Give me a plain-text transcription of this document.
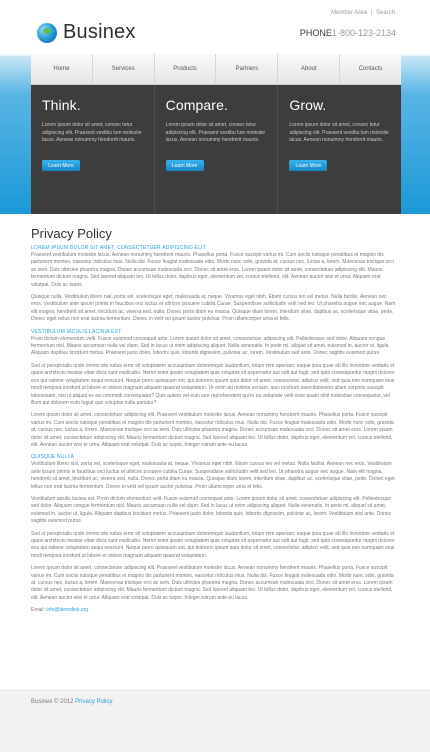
Businex
Member Area | Search
PHONE1-800-123-2134
Home	Services	Products	Partners	About	Contacts
Think.
Lorem ipsum dolor sit amet, consec tetur adipiscing elit. Praesent vestibu lum molestie lacus. Aenean nonummy hendrerit mauris.
Learn More
Compare.
Lorem ipsum dolor sit amet, consec tetur adipiscing elit. Praesent vestibu lum molestie lacus. Aenean nonummy hendrerit mauris.
Learn More
Grow.
Lorem ipsum dolor sit amet, consec tetur adipiscing elit. Praesent vestibu lum molestie lacus. Aenean nonummy hendrerit mauris.
Learn More
Privacy Policy
LOREM IPSUM DOLOR SIT AMET, CONSECTETUER ADIPISCING ELIT

Praesent vestibulum molestie lacus. Aenean nonummy hendrerit mauris. Phasellus porta. Fusce suscipit varius mi. Cum sociis natoque penatibus et magnis dis parturient montes, nascetur ridiculus mus. Nulla dui. Fusce feugiat malesuada odio. Morbi nunc odio, gravida at, cursus nec, luctus a, lorem. Maecenas tristique orci ac sem. Duis ultricies pharetra magna. Donec accumsan malesuada orci. Donec sit amet eros. Lorem ipsum dolor sit amet, consectetuer adipiscing elit. Mauris fermentum dictum magna. Sed laoreet aliquam leo. Ut tellus dolor, dapibus eget, elementum vel, cursus eleifend, elit. Aenean auctor wisi et urna. Aliquam erat volutpat. Duis ac turpis.

Quisque nulla. Vestibulum libero nisl, porta vel, scelerisque eget, malesuada at, neque. Vivamus eget nibh. Etiam cursus leo vel metus. Nulla facilisi. Aenean nec eros. Vestibulum ante ipsum primis in faucibus orci luctus et ultrices posuere cubilia Curae; Suspendisse sollicitudin velit sed leo. Ut pharetra augue nec augue. Nam elit magna, hendrerit sit amet, tincidunt ac, viverra sed, nulla. Donec porta diam eu massa. Quisque diam lorem, interdum vitae, dapibus ac, scelerisque vitae, pede. Donec eget tellus non erat lacinia fermentum. Donec in velit vel ipsum auctor pulvinar. Proin ullamcorper urna et felis.

VESTIBULUM IACULIS LACINIA EST

Proin dictum elementum velit. Fusce euismod consequat ante. Lorem ipsum dolor sit amet, consectetuer adipiscing elit. Pellentesque sed dolor. Aliquam congue fermentum nisl. Mauris accumsan nulla vel diam. Sed in lacus ut enim adipiscing aliquet. Nulla venenatis. In pede mi, aliquet sit amet, euismod in, auctor ut, ligula. Aliquam dapibus tincidunt metus. Praesent justo dolor, lobortis quis, lobortis dignissim, pulvinar ac, lorem. Vestibulum sed ante. Donec sagittis euismod purus.

Sed ut perspiciatis unde omnis iste natus error sit voluptatem accusantium doloremque laudantium, totam rem aperiam, eaque ipsa quae ab illo inventore veritatis et quasi architecto beatae vitae dicta sunt explicabo. Nemo enim ipsam voluptatem quia voluptas sit aspernatur aut odit aut fugit, sed quia consequuntur magni dolores eos qui ratione voluptatem sequi nesciunt. Neque porro quisquam est, qui dolorem ipsum quia dolor sit amet, consectetur, adipisci velit, sed quia non numquam eius modi tempora incidunt ut labore et dolore magnam aliquam quaerat voluptatem. Ut enim ad minima veniam, quis nostrum exercitationem ullam corporis suscipit laboriosam, nisi ut aliquid ex ea commodi consequatur? Quis autem vel eum iure reprehenderit qui in ea voluptate velit esse quam nihil molestiae consequatur, vel illum qui dolorem eum fugiat quo voluptas nulla pariatur?

Lorem ipsum dolor sit amet, consectetuer adipiscing elit. Praesent vestibulum molestie lacus. Aenean nonummy hendrerit mauris. Phasellus porta. Fusce suscipit varius mi. Cum sociis natoque penatibus et magnis dis parturient montes, nascetur ridiculus mus. Nulla dui. Fusce feugiat malesuada odio. Morbi nunc odio, gravida at, cursus nec, luctus a, lorem. Maecenas tristique orci ac sem. Duis ultricies pharetra magna. Donec accumsan malesuada orci. Donec sit amet eros. Lorem ipsum dolor sit amet, consectetuer adipiscing elit. Mauris fermentum dictum magna. Sed laoreet aliquam leo. Ut tellus dolor, dapibus eget, elementum vel, cursus eleifend, elit. Aenean auctor wisi et urna. Aliquam erat volutpat. Duis ac turpis. Integer rutrum ante eu lacus.

QUISQUE NULLA

Vestibulum libero nisl, porta vel, scelerisque eget, malesuada at, neque. Vivamus eget nibh. Etiam cursus leo vel metus. Nulla facilisi. Aenean nec eros. Vestibulum ante ipsum primis in faucibus orci luctus et ultrices posuere cubilia Curae; Suspendisse sollicitudin velit sed leo. Ut pharetra augue nec augue. Nam elit magna, hendrerit sit amet, tincidunt ac, viverra sed, nulla. Donec porta diam eu massa. Quisque diam lorem, interdum vitae, dapibus ac, scelerisque vitae, pede. Donec eget tellus non erat lacinia fermentum. Donec in velit vel ipsum auctor pulvinar. Proin ullamcorper urna et felis.

Vestibulum iaculis lacinia est. Proin dictum elementum velit. Fusce euismod consequat ante. Lorem ipsum dolor sit amet, consectetuer adipiscing elit. Pellentesque sed dolor. Aliquam congue fermentum nisl. Mauris accumsan nulla vel diam. Sed in lacus ut enim adipiscing aliquet. Nulla venenatis. In pede mi, aliquet sit amet, euismod in, auctor ut, ligula. Aliquam dapibus tincidunt metus. Praesent justo dolor, lobortis quis, lobortis dignissim, pulvinar ac, lorem. Vestibulum sed ante. Donec sagittis euismod purus.

Sed ut perspiciatis unde omnis iste natus error sit voluptatem accusantium doloremque laudantium, totam rem aperiam, eaque ipsa quae ab illo inventore veritatis et quasi architecto beatae vitae dicta sunt explicabo. Nemo enim ipsam voluptatem quia voluptas sit aspernatur aut odit aut fugit, sed quia consequuntur magni dolores eos qui ratione voluptatem sequi nesciunt. Neque porro quisquam est, qui dolorem ipsum quia dolor sit amet, consectetur, adipisci velit, sed quia non numquam eius modi tempora incidunt ut labore et dolore magnam aliquam quaerat voluptatem.

Lorem ipsum dolor sit amet, consectetuer adipiscing elit. Praesent vestibulum molestie lacus. Aenean nonummy hendrerit mauris. Phasellus porta. Fusce suscipit varius mi. Cum sociis natoque penatibus et magnis dis parturient montes, nascetur ridiculus mus. Nulla dui. Fusce feugiat malesuada odio. Morbi nunc odio, gravida at, cursus nec, luctus a, lorem. Maecenas tristique orci ac sem. Duis ultricies pharetra magna. Donec accumsan malesuada orci. Donec sit amet eros. Lorem ipsum dolor sit amet, consectetuer adipiscing elit. Mauris fermentum dictum magna. Sed laoreet aliquam leo. Ut tellus dolor, dapibus eget, elementum vel, cursus eleifend, elit. Aenean auctor wisi et urna. Aliquam erat volutpat. Duis ac turpis. Integer rutrum ante eu lacus.

Email: info@demolink.org
Businex © 2012 Privacy Policy
